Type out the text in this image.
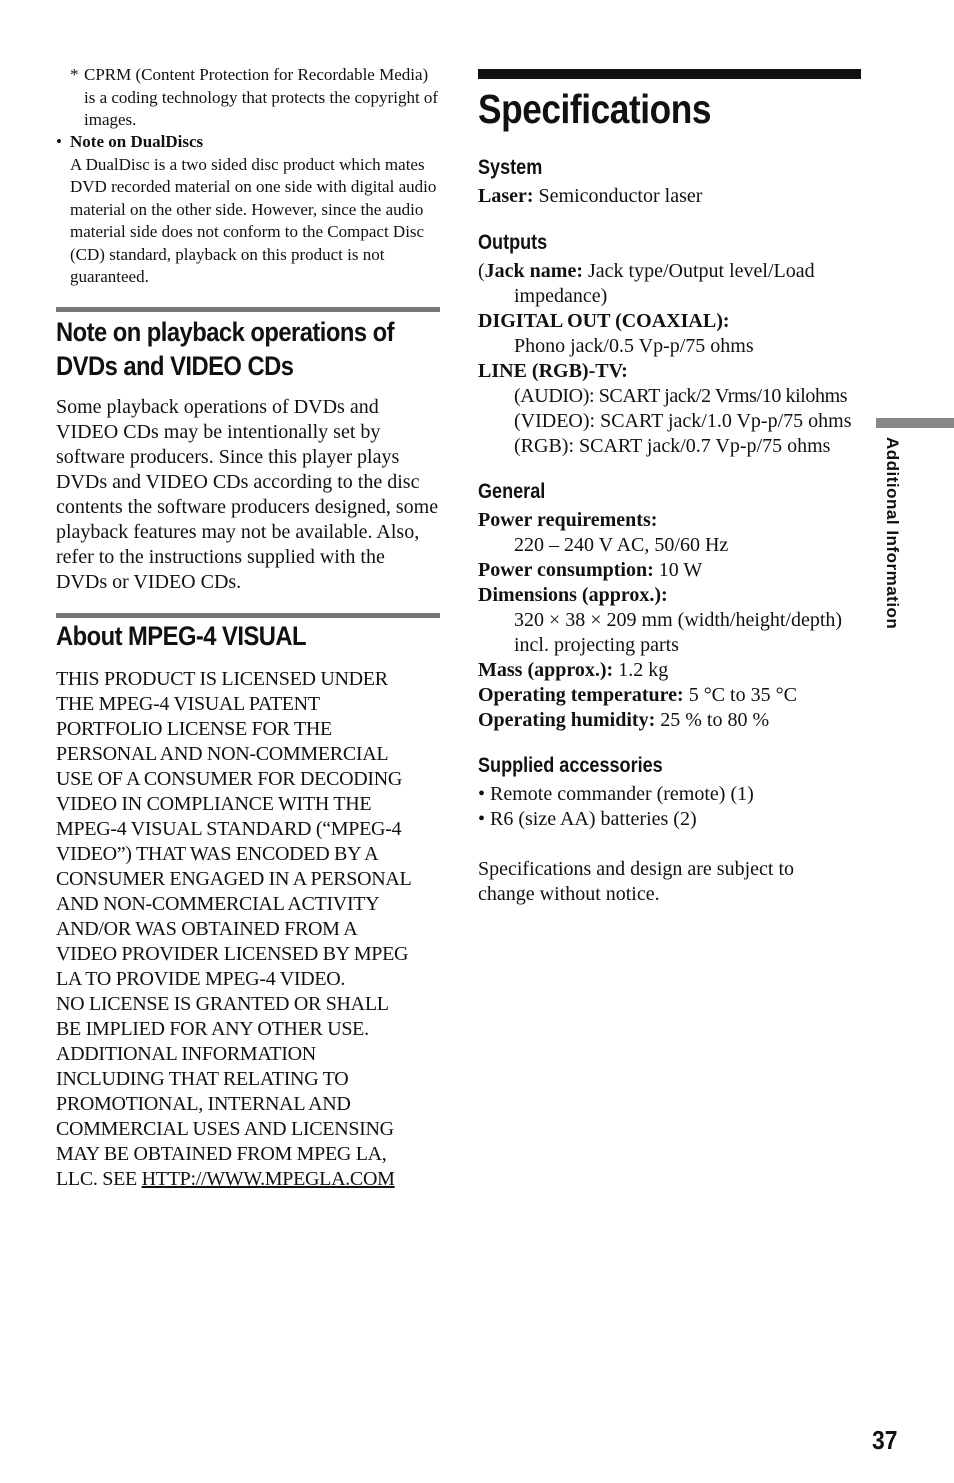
* CPRM (Content Protection for Recordable Media) is a coding technology that protects the copyright of images.
• Note on DualDiscs
A DualDisc is a two sided disc product which mates DVD recorded material on one side with digital audio material on the other side. However, since the audio material side does not conform to the Compact Disc (CD) standard, playback on this product is not guaranteed.
Note on playback operations of
DVDs and VIDEO CDs
Some playback operations of DVDs and VIDEO CDs may be intentionally set by software producers. Since this player plays DVDs and VIDEO CDs according to the disc contents the software producers designed, some playback features may not be available. Also, refer to the instructions supplied with the DVDs or VIDEO CDs.
About MPEG-4 VISUAL
THIS PRODUCT IS LICENSED UNDER
THE MPEG-4 VISUAL PATENT
PORTFOLIO LICENSE FOR THE
PERSONAL AND NON-COMMERCIAL
USE OF A CONSUMER FOR DECODING
VIDEO IN COMPLIANCE WITH THE
MPEG-4 VISUAL STANDARD (“MPEG-4
VIDEO”) THAT WAS ENCODED BY A
CONSUMER ENGAGED IN A PERSONAL
AND NON-COMMERCIAL ACTIVITY
AND/OR WAS OBTAINED FROM A
VIDEO PROVIDER LICENSED BY MPEG
LA TO PROVIDE MPEG-4 VIDEO.
NO LICENSE IS GRANTED OR SHALL
BE IMPLIED FOR ANY OTHER USE.
ADDITIONAL INFORMATION
INCLUDING THAT RELATING TO
PROMOTIONAL, INTERNAL AND
COMMERCIAL USES AND LICENSING
MAY BE OBTAINED FROM MPEG LA,
LLC. SEE HTTP://WWW.MPEGLA.COM
Specifications
System
Laser: Semiconductor laser
Outputs
(Jack name: Jack type/Output level/Load
impedance)
DIGITAL OUT (COAXIAL):
Phono jack/0.5 Vp-p/75 ohms
LINE (RGB)-TV:
(AUDIO): SCART jack/2 Vrms/10 kilohms
(VIDEO): SCART jack/1.0 Vp-p/75 ohms
(RGB): SCART jack/0.7 Vp-p/75 ohms
General
Power requirements:
220 – 240 V AC, 50/60 Hz
Power consumption: 10 W
Dimensions (approx.):
320 × 38 × 209 mm (width/height/depth)
incl. projecting parts
Mass (approx.): 1.2 kg
Operating temperature: 5 °C to 35 °C
Operating humidity: 25 % to 80 %
Supplied accessories
• Remote commander (remote) (1)
• R6 (size AA) batteries (2)
Specifications and design are subject to
change without notice.
Additional Information
37
